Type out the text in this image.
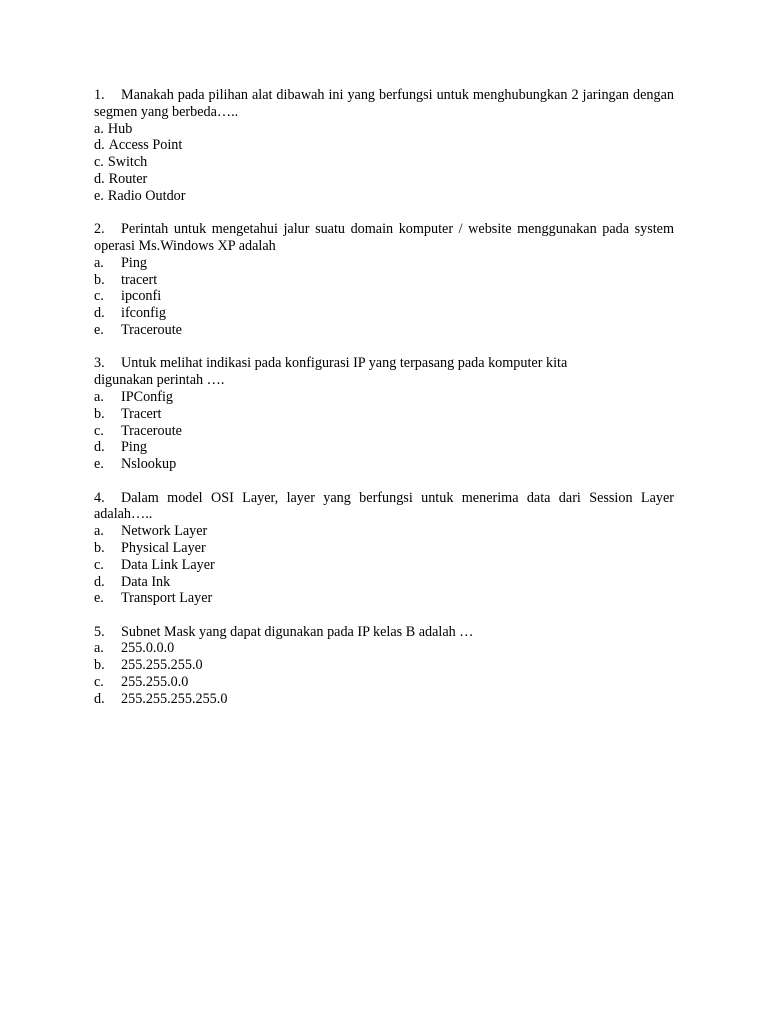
1. Manakah pada pilihan alat dibawah ini yang berfungsi untuk menghubungkan 2 jaringan dengan segmen yang berbeda…..
a. Hub
d. Access Point
c. Switch
d. Router
e. Radio Outdor
2. Perintah untuk mengetahui jalur suatu domain komputer / website menggunakan pada system operasi Ms.Windows XP adalah
a.	Ping
b.	tracert
c.	ipconfi
d.	ifconfig
e.	Traceroute
3. Untuk melihat indikasi pada konfigurasi IP yang terpasang pada komputer kita digunakan perintah ….
a.	IPConfig
b.	Tracert
c.	Traceroute
d.	Ping
e.	Nslookup
4. Dalam model OSI Layer, layer yang berfungsi untuk menerima data dari Session Layer adalah…..
a.	Network Layer
b.	Physical Layer
c.	Data Link Layer
d.	Data Ink
e.	Transport Layer
5. Subnet Mask yang dapat digunakan pada IP kelas B adalah …
a.	255.0.0.0
b.	255.255.255.0
c.	255.255.0.0
d.	255.255.255.255.0
